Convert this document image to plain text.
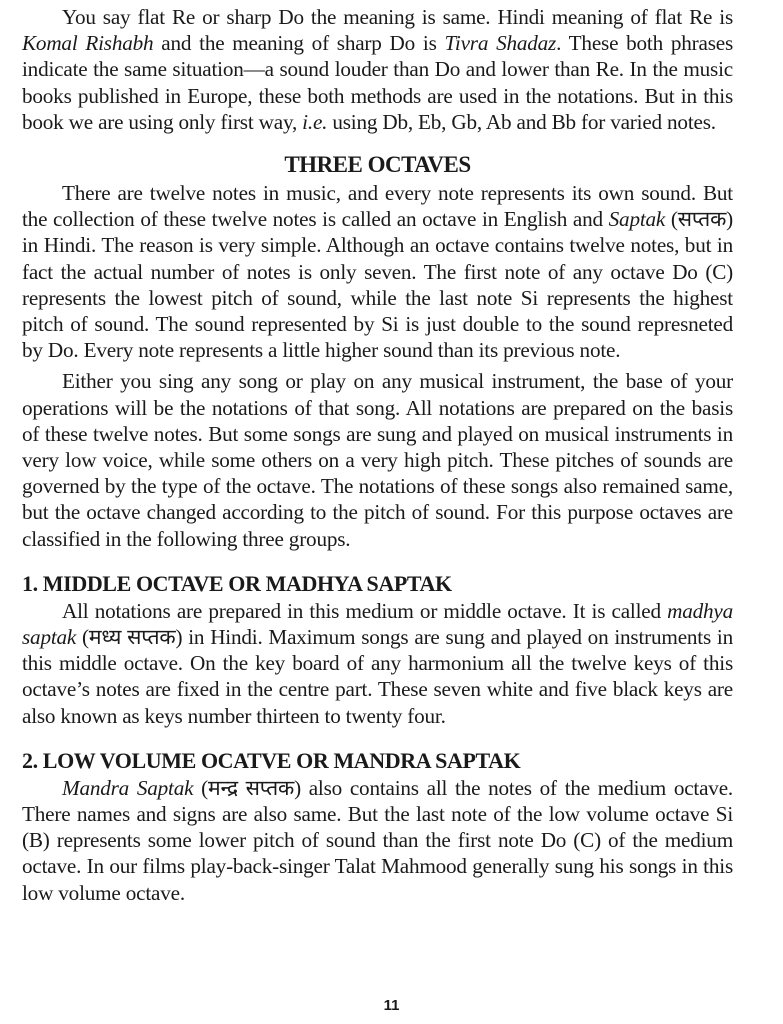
You say flat Re or sharp Do the meaning is same. Hindi meaning of flat Re is Komal Rishabh and the meaning of sharp Do is Tivra Shadaz. These both phrases indicate the same situation—a sound louder than Do and lower than Re. In the music books published in Europe, these both methods are used in the notations. But in this book we are using only first way, i.e. using Db, Eb, Gb, Ab and Bb for varied notes.

THREE OCTAVES

There are twelve notes in music, and every note represents its own sound. But the collection of these twelve notes is called an octave in English and Saptak (सप्तक) in Hindi. The reason is very simple. Although an octave contains twelve notes, but in fact the actual number of notes is only seven. The first note of any octave Do (C) represents the lowest pitch of sound, while the last note Si represents the highest pitch of sound. The sound represented by Si is just double to the sound represneted by Do. Every note represents a little higher sound than its previous note.

Either you sing any song or play on any musical instrument, the base of your operations will be the notations of that song. All notations are prepared on the basis of these twelve notes. But some songs are sung and played on musical instruments in very low voice, while some others on a very high pitch. These pitches of sounds are governed by the type of the octave. The notations of these songs also remained same, but the octave changed according to the pitch of sound. For this purpose octaves are classified in the following three groups.

1. MIDDLE OCTAVE OR MADHYA SAPTAK

All notations are prepared in this medium or middle octave. It is called madhya saptak (मध्य सप्तक) in Hindi. Maximum songs are sung and played on instruments in this middle octave. On the key board of any harmonium all the twelve keys of this octave’s notes are fixed in the centre part. These seven white and five black keys are also known as keys number thirteen to twenty four.

2. LOW VOLUME OCATVE OR MANDRA SAPTAK

Mandra Saptak (मन्द्र सप्तक) also contains all the notes of the medium octave. There names and signs are also same. But the last note of the low volume octave Si (B) represents some lower pitch of sound than the first note Do (C) of the medium octave. In our films play-back-singer Talat Mahmood generally sung his songs in this low volume octave.

11
